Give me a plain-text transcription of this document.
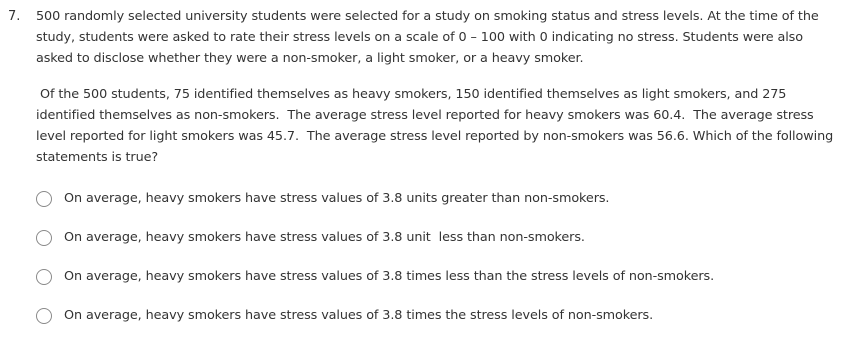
7. 500 randomly selected university students were selected for a study on smoking status and stress levels. At the time of the study, students were asked to rate their stress levels on a scale of 0 – 100 with 0 indicating no stress. Students were also asked to disclose whether they were a non-smoker, a light smoker, or a heavy smoker.

Of the 500 students, 75 identified themselves as heavy smokers, 150 identified themselves as light smokers, and 275 identified themselves as non-smokers.  The average stress level reported for heavy smokers was 60.4.  The average stress level reported for light smokers was 45.7.  The average stress level reported by non-smokers was 56.6. Which of the following statements is true?

On average, heavy smokers have stress values of 3.8 units greater than non-smokers.
On average, heavy smokers have stress values of 3.8 unit  less than non-smokers.
On average, heavy smokers have stress values of 3.8 times less than the stress levels of non-smokers.
On average, heavy smokers have stress values of 3.8 times the stress levels of non-smokers.
